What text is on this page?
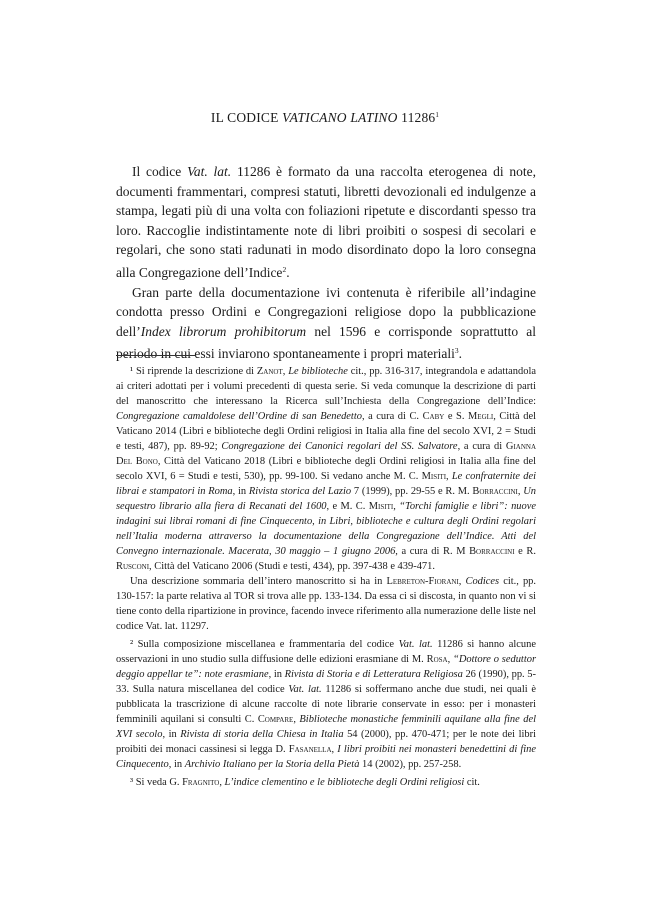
IL CODICE VATICANO LATINO 11286$^1$

Il codice Vat. lat. 11286 è formato da una raccolta eterogenea di note, documenti frammentari, compresi statuti, libretti devozionali ed indulgenze a stampa, legati più di una volta con foliazioni ripetute e discordanti spesso tra loro. Raccoglie indistintamente note di libri proibiti o sospesi di secolari e regolari, che sono stati radunati in modo disordinato dopo la loro consegna alla Congregazione dell’Indice$^2$.

Gran parte della documentazione ivi contenuta è riferibile all’indagine condotta presso Ordini e Congregazioni religiose dopo la pubblicazione dell’Index librorum prohibitorum nel 1596 e corrisponde soprattutto al periodo in cui essi inviarono spontaneamente i propri materiali$^3$.

¹ Si riprende la descrizione di Zanot, Le biblioteche cit., pp. 316-317, integrandola e adattandola ai criteri adottati per i volumi precedenti di questa serie. Si veda comunque la descrizione di parti del manoscritto che interessano la Ricerca sull’Inchiesta della Congregazione dell’Indice: Congregazione camaldolese dell’Ordine di san Benedetto, a cura di C. Caby e S. Megli, Città del Vaticano 2014 (Libri e biblioteche degli Ordini religiosi in Italia alla fine del secolo XVI, 2 = Studi e testi, 487), pp. 89-92; Congregazione dei Canonici regolari del SS. Salvatore, a cura di Gianna Del Bono, Città del Vaticano 2018 (Libri e biblioteche degli Ordini religiosi in Italia alla fine del secolo XVI, 6 = Studi e testi, 530), pp. 99-100. Si vedano anche M. C. Misiti, Le confraternite dei librai e stampatori in Roma, in Rivista storica del Lazio 7 (1999), pp. 29-55 e R. M. Borraccini, Un sequestro librario alla fiera di Recanati del 1600, e M. C. Misiti, “Torchi famiglie e libri”: nuove indagini sui librai romani di fine Cinquecento, in Libri, biblioteche e cultura degli Ordini regolari nell’Italia moderna attraverso la documentazione della Congregazione dell’Indice. Atti del Convegno internazionale. Macerata, 30 maggio – 1 giugno 2006, a cura di R. M Borraccini e R. Rusconi, Città del Vaticano 2006 (Studi e testi, 434), pp. 397-438 e 439-471.

Una descrizione sommaria dell’intero manoscritto si ha in Lebreton-Fiorani, Codices cit., pp. 130-157: la parte relativa al TOR si trova alle pp. 133-134. Da essa ci si discosta, in quanto non vi si tiene conto della ripartizione in province, facendo invece riferimento alla numerazione delle liste nel codice Vat. lat. 11297.

² Sulla composizione miscellanea e frammentaria del codice Vat. lat. 11286 si hanno alcune osservazioni in uno studio sulla diffusione delle edizioni erasmiane di M. Rosa, “Dottore o seduttor deggio appellar te”: note erasmiane, in Rivista di Storia e di Letteratura Religiosa 26 (1990), pp. 5-33. Sulla natura miscellanea del codice Vat. lat. 11286 si soffermano anche due studi, nei quali è pubblicata la trascrizione di alcune raccolte di note librarie conservate in esso: per i monasteri femminili aquilani si consulti C. Compare, Biblioteche monastiche femminili aquilane alla fine del XVI secolo, in Rivista di storia della Chiesa in Italia 54 (2000), pp. 470-471; per le note dei libri proibiti dei monaci cassinesi si legga D. Fasanella, I libri proibiti nei monasteri benedettini di fine Cinquecento, in Archivio Italiano per la Storia della Pietà 14 (2002), pp. 257-258.

³ Si veda G. Fragnito, L’indice clementino e le biblioteche degli Ordini religiosi cit.
